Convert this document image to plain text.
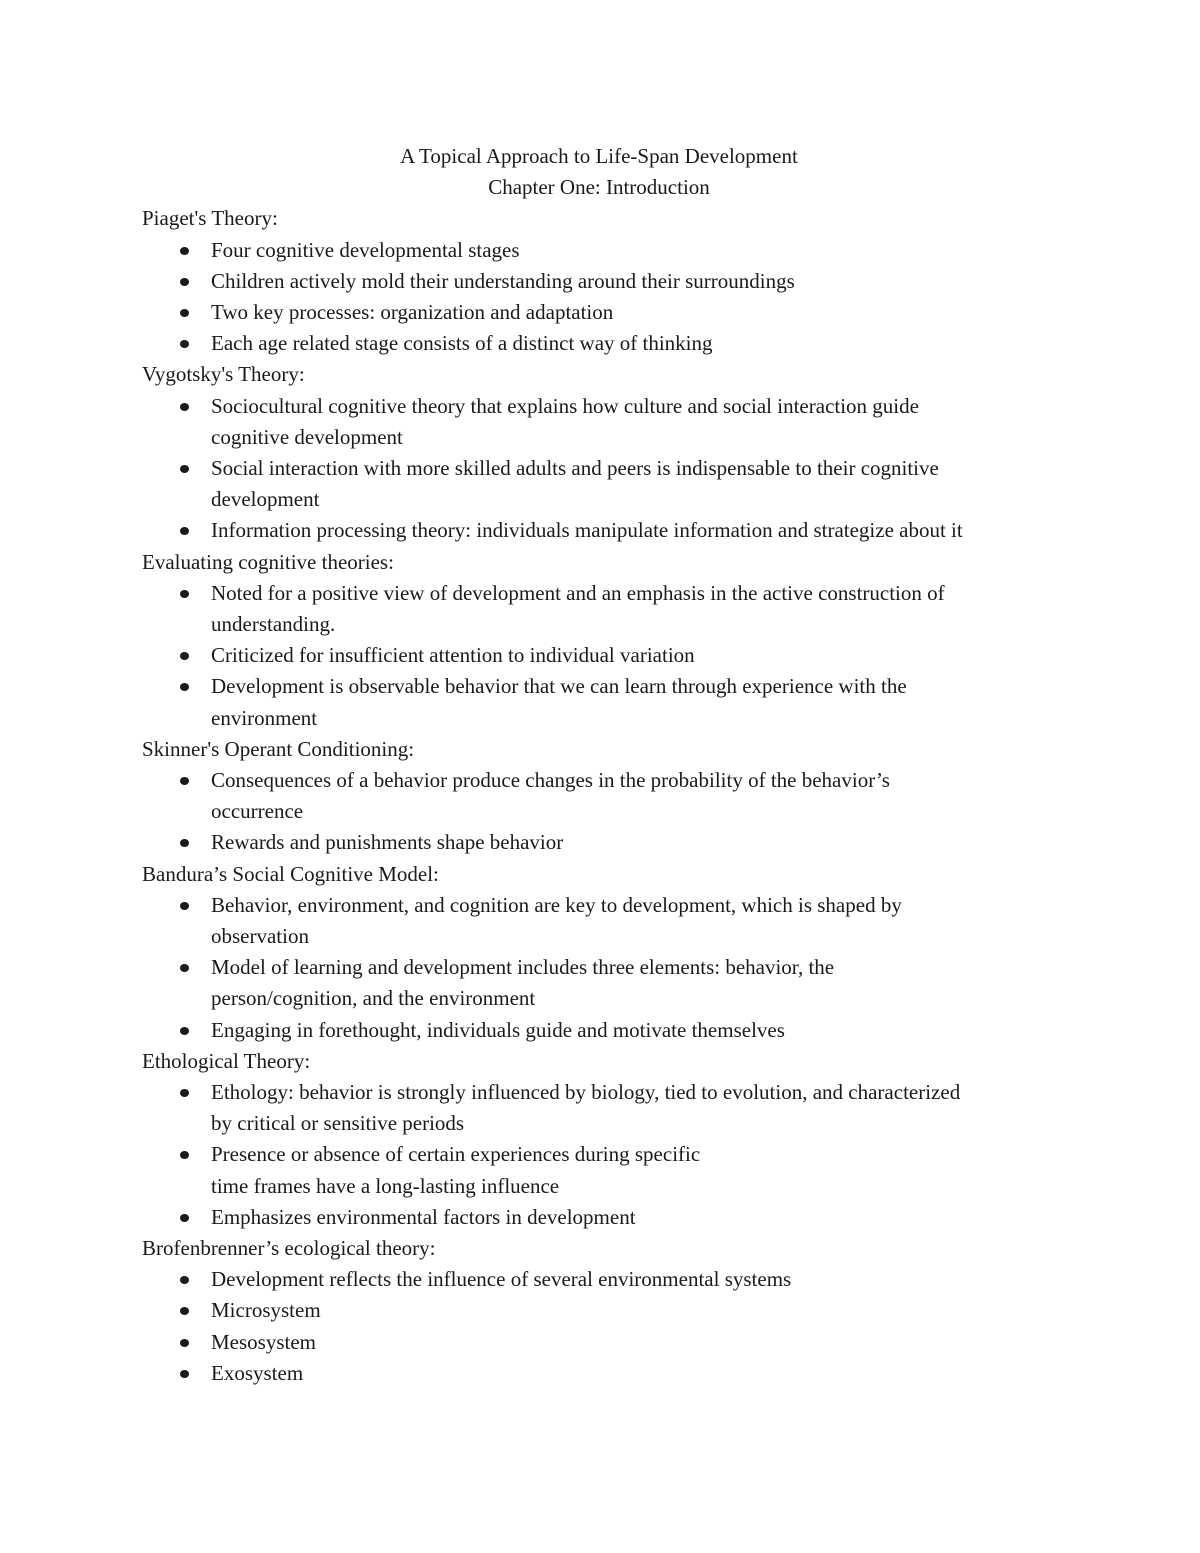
A Topical Approach to Life-Span Development
Chapter One: Introduction
Piaget's Theory:
Four cognitive developmental stages
Children actively mold their understanding around their surroundings
Two key processes: organization and adaptation
Each age related stage consists of a distinct way of thinking
Vygotsky's Theory:
Sociocultural cognitive theory that explains how culture and social interaction guide
cognitive development
Social interaction with more skilled adults and peers is indispensable to their cognitive
development
Information processing theory: individuals manipulate information and strategize about it
Evaluating cognitive theories:
Noted for a positive view of development and an emphasis in the active construction of
understanding.
Criticized for insufficient attention to individual variation
Development is observable behavior that we can learn through experience with the
environment
Skinner's Operant Conditioning:
Consequences of a behavior produce changes in the probability of the behavior’s
occurrence
Rewards and punishments shape behavior
Bandura’s Social Cognitive Model:
Behavior, environment, and cognition are key to development, which is shaped by
observation
Model of learning and development includes three elements: behavior, the
person/cognition, and the environment
Engaging in forethought, individuals guide and motivate themselves
Ethological Theory:
Ethology: behavior is strongly influenced by biology, tied to evolution, and characterized
by critical or sensitive periods
Presence or absence of certain experiences during specific
time frames have a long-lasting influence
Emphasizes environmental factors in development
Brofenbrenner’s ecological theory:
Development reflects the influence of several environmental systems
Microsystem
Mesosystem
Exosystem
